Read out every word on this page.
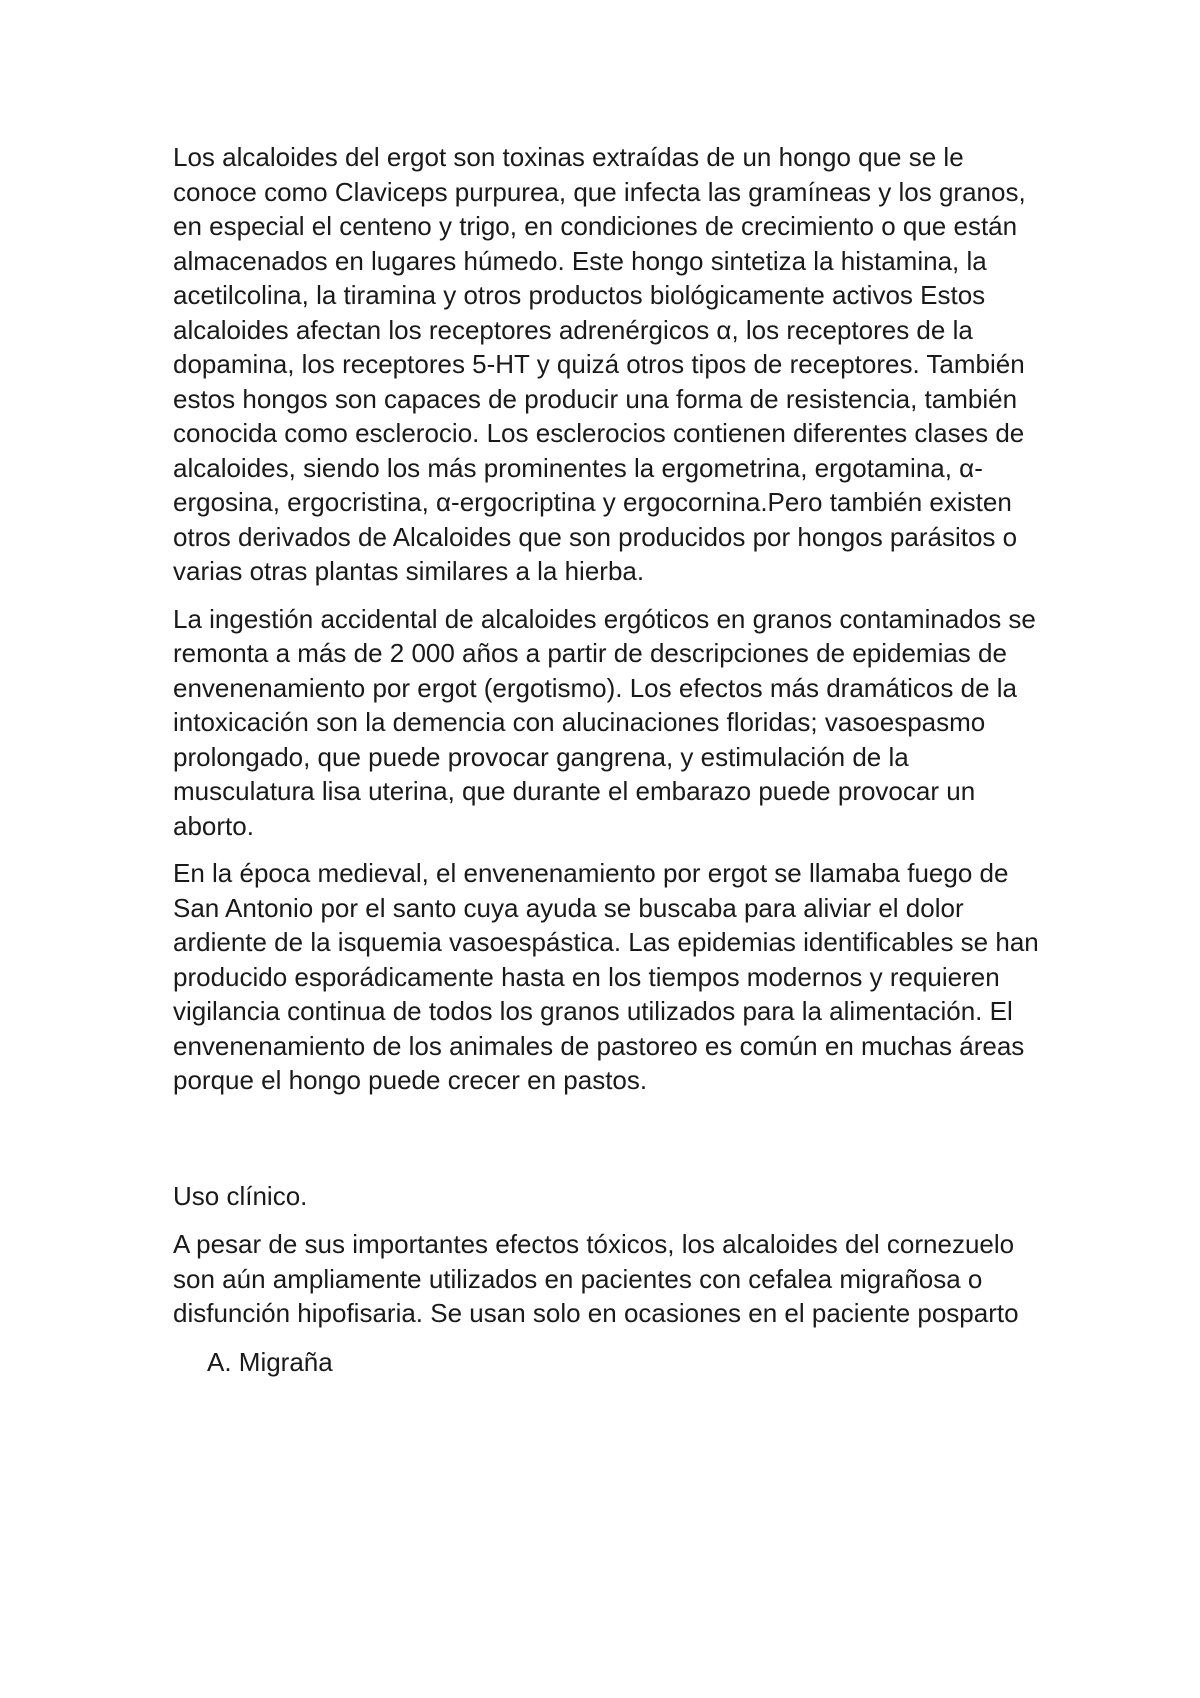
Los alcaloides del ergot son toxinas extraídas de un hongo que se le conoce como Claviceps purpurea, que infecta las gramíneas y los granos, en especial el centeno y trigo, en condiciones de crecimiento o que están almacenados en lugares húmedo. Este hongo sintetiza la histamina, la acetilcolina, la tiramina y otros productos biológicamente activos Estos alcaloides afectan los receptores adrenérgicos α, los receptores de la dopamina, los receptores 5-HT y quizá otros tipos de receptores. También estos hongos son capaces de producir una forma de resistencia, también conocida como esclerocio. Los esclerocios contienen diferentes clases de alcaloides, siendo los más prominentes la ergometrina, ergotamina, α-ergosina, ergocristina, α-ergocriptina y ergocornina.Pero también existen otros derivados de Alcaloides que son producidos por hongos parásitos o varias otras plantas similares a la hierba.

La ingestión accidental de alcaloides ergóticos en granos contaminados se remonta a más de 2 000 años a partir de descripciones de epidemias de envenenamiento por ergot (ergotismo). Los efectos más dramáticos de la intoxicación son la demencia con alucinaciones floridas; vasoespasmo prolongado, que puede provocar gangrena, y estimulación de la musculatura lisa uterina, que durante el embarazo puede provocar un aborto.

En la época medieval, el envenenamiento por ergot se llamaba fuego de San Antonio por el santo cuya ayuda se buscaba para aliviar el dolor ardiente de la isquemia vasoespástica. Las epidemias identificables se han producido esporádicamente hasta en los tiempos modernos y requieren vigilancia continua de todos los granos utilizados para la alimentación. El envenenamiento de los animales de pastoreo es común en muchas áreas porque el hongo puede crecer en pastos.

Uso clínico.

A pesar de sus importantes efectos tóxicos, los alcaloides del cornezuelo son aún ampliamente utilizados en pacientes con cefalea migrañosa o disfunción hipofisaria. Se usan solo en ocasiones en el paciente posparto

A. Migraña
